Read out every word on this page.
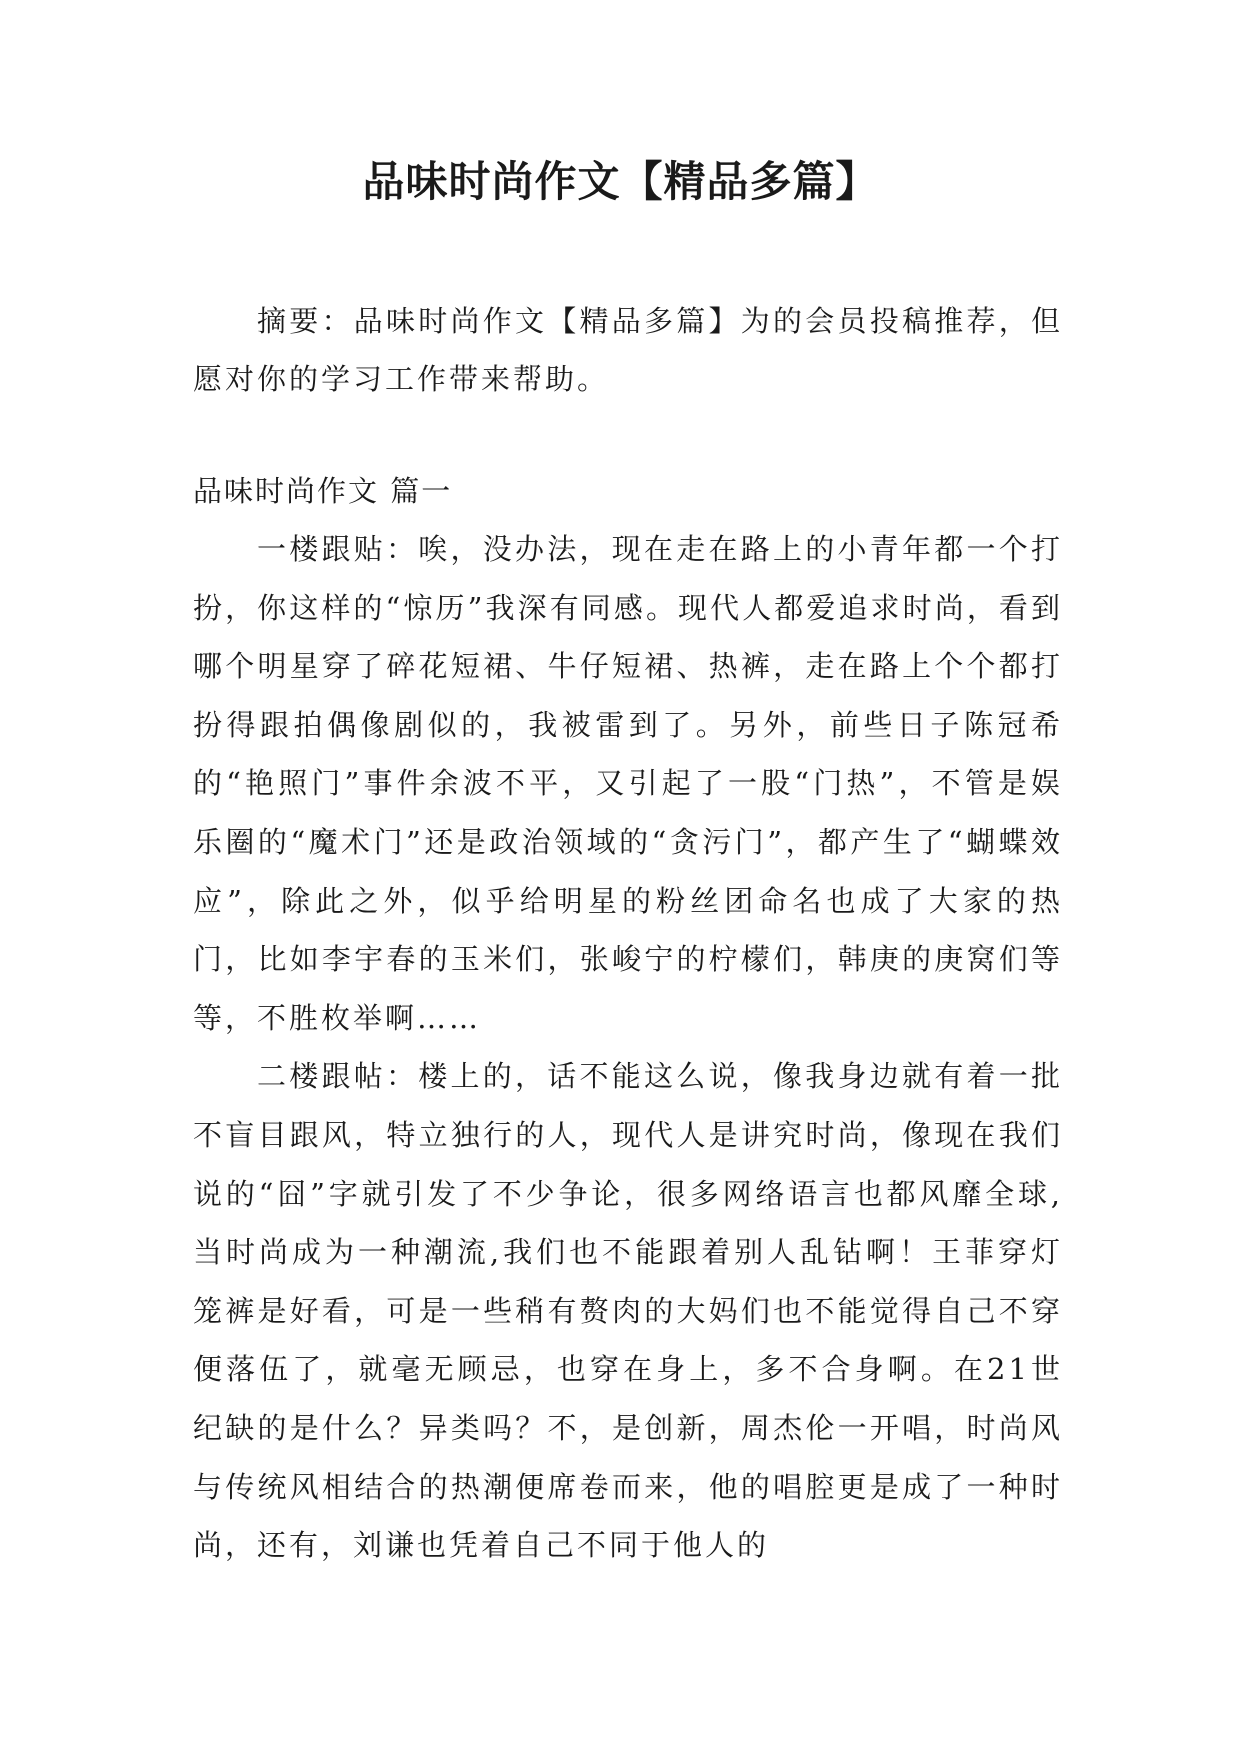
品味时尚作文【精品多篇】

摘要：品味时尚作文【精品多篇】为的会员投稿推荐，但愿对你的学习工作带来帮助。

品味时尚作文 篇一

一楼跟贴：唉，没办法，现在走在路上的小青年都一个打扮，你这样的“惊历”我深有同感。现代人都爱追求时尚，看到哪个明星穿了碎花短裙、牛仔短裙、热裤，走在路上个个都打扮得跟拍偶像剧似的，我被雷到了。另外，前些日子陈冠希的“艳照门”事件余波不平，又引起了一股“门热”，不管是娱乐圈的“魔术门”还是政治领域的“贪污门”，都产生了“蝴蝶效应”，除此之外，似乎给明星的粉丝团命名也成了大家的热门，比如李宇春的玉米们，张峻宁的柠檬们，韩庚的庚窝们等等，不胜枚举啊……

二楼跟帖：楼上的，话不能这么说，像我身边就有着一批不盲目跟风，特立独行的人，现代人是讲究时尚，像现在我们说的“囧”字就引发了不少争论，很多网络语言也都风靡全球,当时尚成为一种潮流,我们也不能跟着别人乱钻啊！王菲穿灯笼裤是好看，可是一些稍有赘肉的大妈们也不能觉得自己不穿便落伍了，就毫无顾忌，也穿在身上，多不合身啊。在21世纪缺的是什么？异类吗？不，是创新，周杰伦一开唱，时尚风与传统风相结合的热潮便席卷而来，他的唱腔更是成了一种时尚，还有，刘谦也凭着自己不同于他人的
